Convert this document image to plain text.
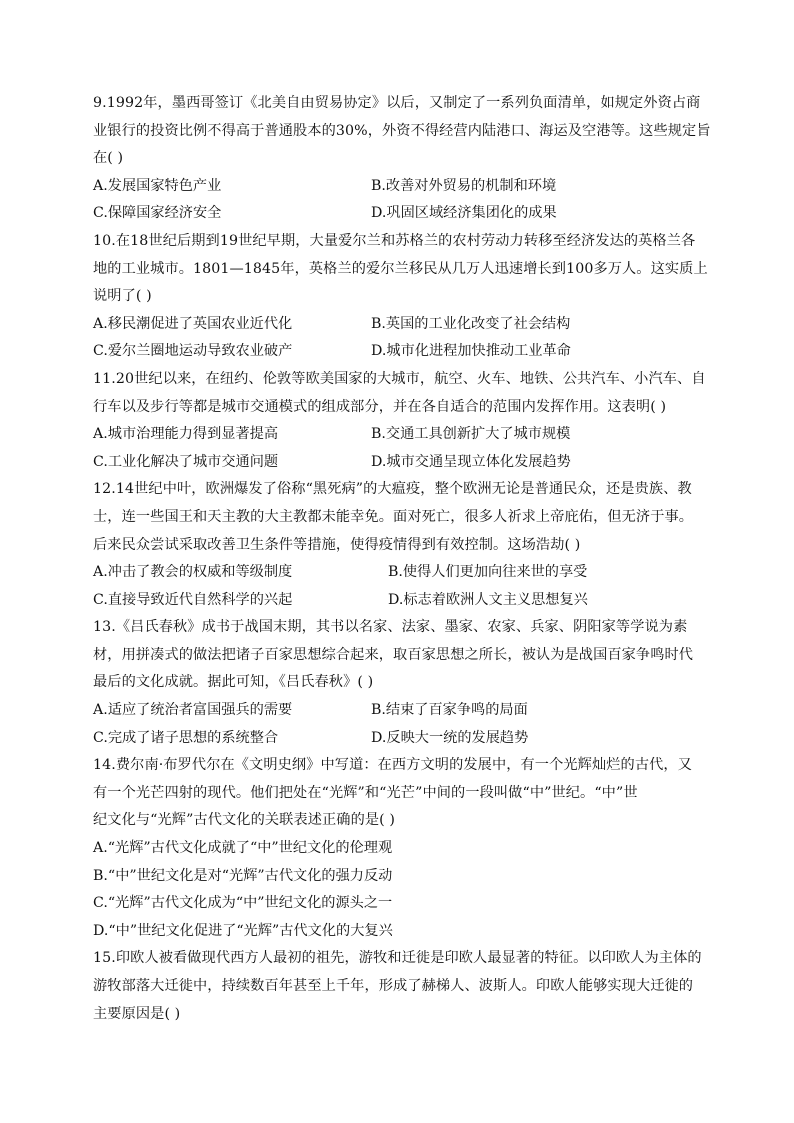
9.1992年，墨西哥签订《北美自由贸易协定》以后，又制定了一系列负面清单，如规定外资占商
业银行的投资比例不得高于普通股本的30%，外资不得经营内陆港口、海运及空港等。这些规定旨
在( )
A.发展国家特色产业	B.改善对外贸易的机制和环境
C.保障国家经济安全	D.巩固区域经济集团化的成果
10.在18世纪后期到19世纪早期，大量爱尔兰和苏格兰的农村劳动力转移至经济发达的英格兰各
地的工业城市。1801—1845年，英格兰的爱尔兰移民从几万人迅速增长到100多万人。这实质上
说明了( )
A.移民潮促进了英国农业近代化	B.英国的工业化改变了社会结构
C.爱尔兰圈地运动导致农业破产	D.城市化进程加快推动工业革命
11.20世纪以来，在纽约、伦敦等欧美国家的大城市，航空、火车、地铁、公共汽车、小汽车、自
行车以及步行等都是城市交通模式的组成部分，并在各自适合的范围内发挥作用。这表明( )
A.城市治理能力得到显著提高	B.交通工具创新扩大了城市规模
C.工业化解决了城市交通问题	D.城市交通呈现立体化发展趋势
12.14世纪中叶，欧洲爆发了俗称“黑死病”的大瘟疫，整个欧洲无论是普通民众，还是贵族、教
士，连一些国王和天主教的大主教都未能幸免。面对死亡，很多人祈求上帝庇佑，但无济于事。
后来民众尝试采取改善卫生条件等措施，使得疫情得到有效控制。这场浩劫( )
A.冲击了教会的权威和等级制度	B.使得人们更加向往来世的享受
C.直接导致近代自然科学的兴起	D.标志着欧洲人文主义思想复兴
13.《吕氏春秋》成书于战国末期，其书以名家、法家、墨家、农家、兵家、阴阳家等学说为素
材，用拼凑式的做法把诸子百家思想综合起来，取百家思想之所长，被认为是战国百家争鸣时代
最后的文化成就。据此可知，《吕氏春秋》( )
A.适应了统治者富国强兵的需要	B.结束了百家争鸣的局面
C.完成了诸子思想的系统整合	D.反映大一统的发展趋势
14.费尔南·布罗代尔在《文明史纲》中写道：在西方文明的发展中，有一个光辉灿烂的古代，又
有一个光芒四射的现代。他们把处在“光辉”和“光芒”中间的一段叫做“中”世纪。“中”世
纪文化与“光辉”古代文化的关联表述正确的是( )
A.“光辉”古代文化成就了“中”世纪文化的伦理观
B.“中”世纪文化是对“光辉”古代文化的强力反动
C.“光辉”古代文化成为“中”世纪文化的源头之一
D.“中”世纪文化促进了“光辉”古代文化的大复兴
15.印欧人被看做现代西方人最初的祖先，游牧和迁徙是印欧人最显著的特征。以印欧人为主体的
游牧部落大迁徙中，持续数百年甚至上千年，形成了赫梯人、波斯人。印欧人能够实现大迁徙的
主要原因是( )
